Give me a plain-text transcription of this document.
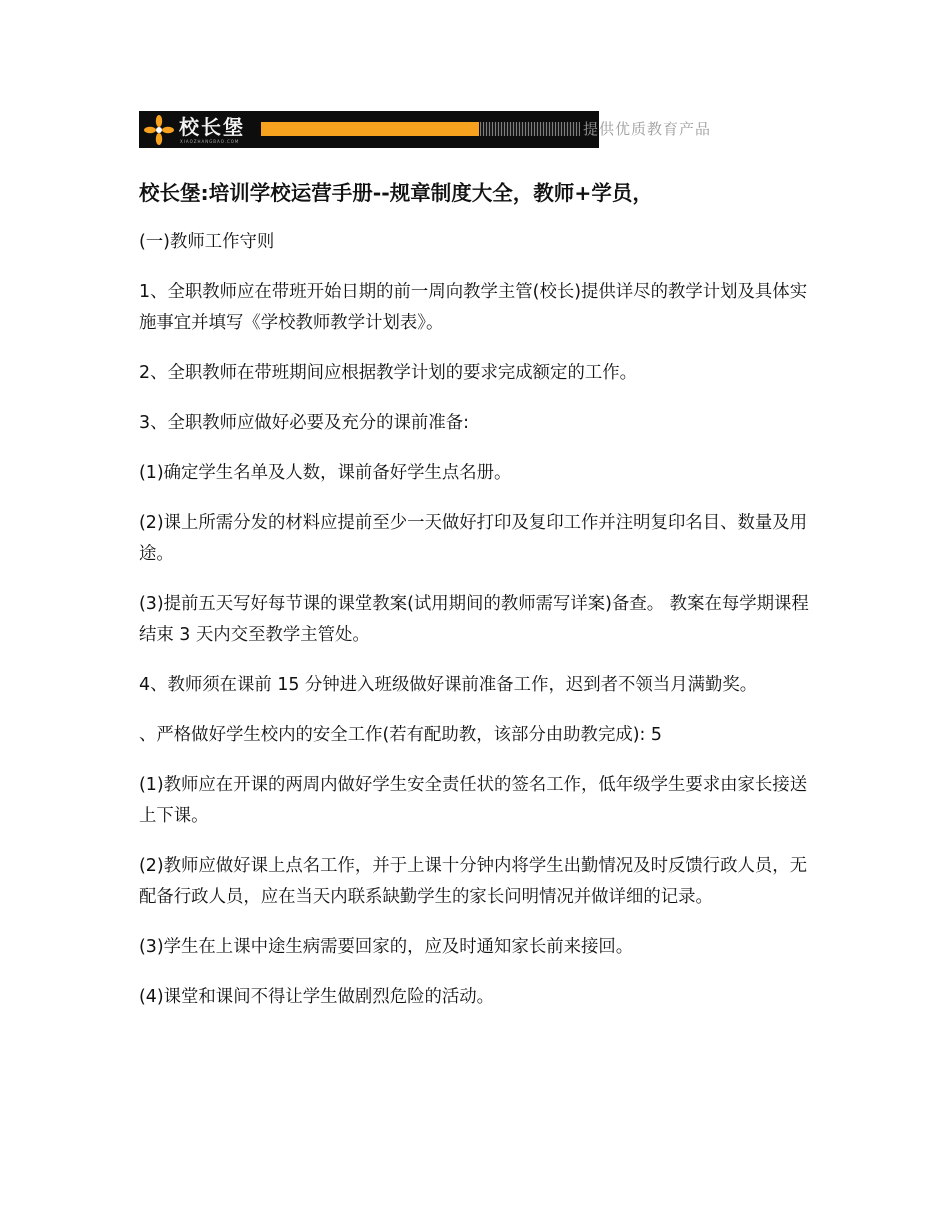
校长堡
XIAOZHANGBAO.COM
提供优质教育产品
校长堡:培训学校运营手册--规章制度大全，教师+学员，

(一)教师工作守则

1、全职教师应在带班开始日期的前一周向教学主管(校长)提供详尽的教学计划及具体实施事宜并填写《学校教师教学计划表》。

2、全职教师在带班期间应根据教学计划的要求完成额定的工作。

3、全职教师应做好必要及充分的课前准备:

(1)确定学生名单及人数，课前备好学生点名册。

(2)课上所需分发的材料应提前至少一天做好打印及复印工作并注明复印名目、数量及用途。

(3)提前五天写好每节课的课堂教案(试用期间的教师需写详案)备查。 教案在每学期课程结束 3 天内交至教学主管处。

4、教师须在课前 15 分钟进入班级做好课前准备工作，迟到者不领当月满勤奖。

、严格做好学生校内的安全工作(若有配助教，该部分由助教完成): 5

(1)教师应在开课的两周内做好学生安全责任状的签名工作，低年级学生要求由家长接送上下课。

(2)教师应做好课上点名工作，并于上课十分钟内将学生出勤情况及时反馈行政人员，无配备行政人员，应在当天内联系缺勤学生的家长问明情况并做详细的记录。

(3)学生在上课中途生病需要回家的，应及时通知家长前来接回。

(4)课堂和课间不得让学生做剧烈危险的活动。
